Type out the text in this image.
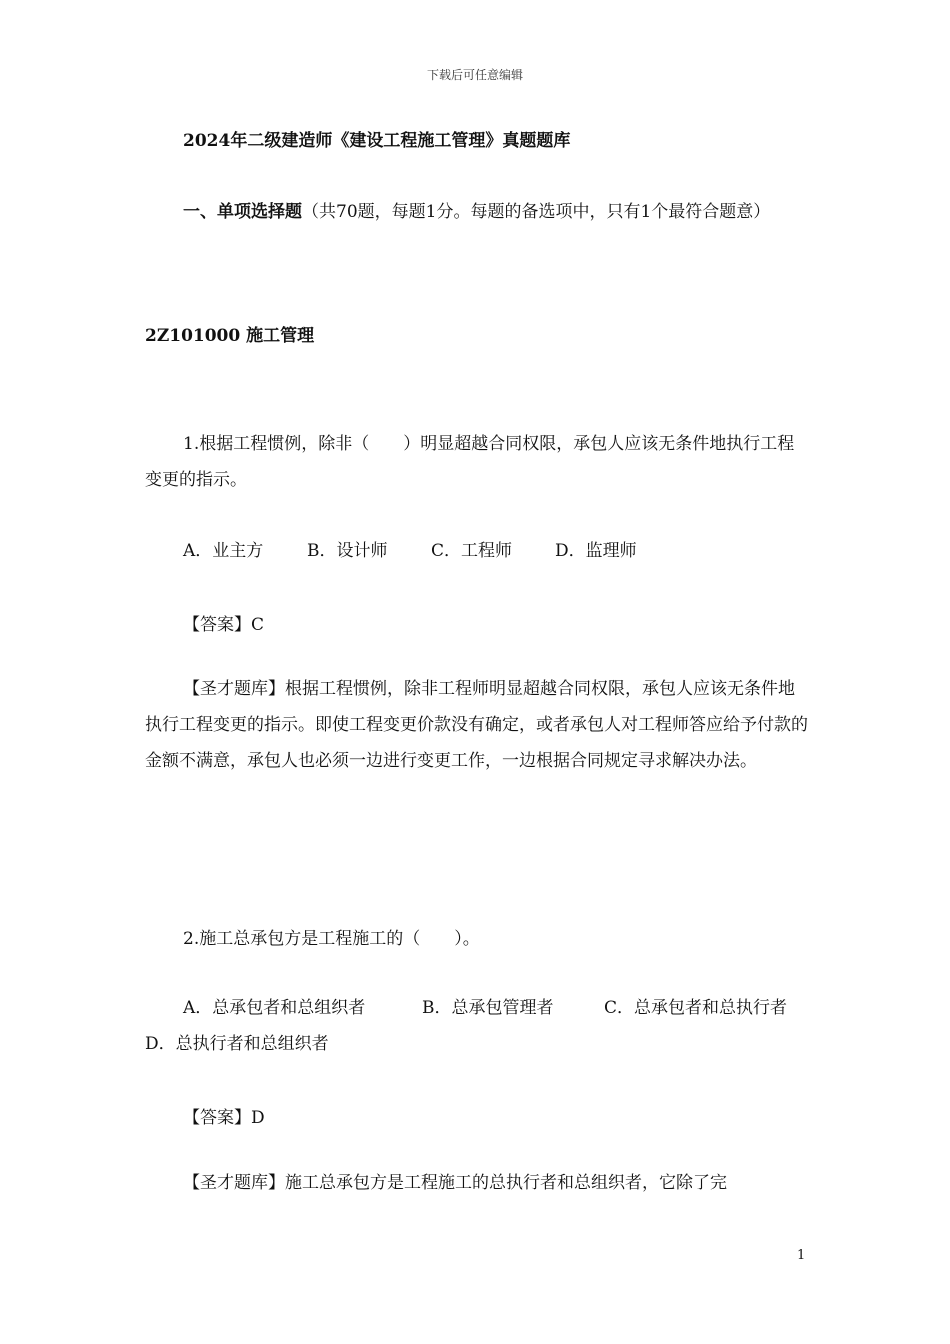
下载后可任意编辑
2024年二级建造师《建设工程施工管理》真题题库
一、单项选择题（共70题，每题1分。每题的备选项中，只有1个最符合题意）
2Z101000 施工管理
1.根据工程惯例，除非（　　）明显超越合同权限，承包人应该无条件地执行工程变更的指示。
A．业主方	B．设计师	C．工程师	D．监理师
【答案】C
【圣才题库】根据工程惯例，除非工程师明显超越合同权限，承包人应该无条件地执行工程变更的指示。即使工程变更价款没有确定，或者承包人对工程师答应给予付款的金额不满意，承包人也必须一边进行变更工作，一边根据合同规定寻求解决办法。
2.施工总承包方是工程施工的（　　）。
A．总承包者和总组织者	B．总承包管理者	C．总承包者和总执行者
D．总执行者和总组织者
【答案】D
【圣才题库】施工总承包方是工程施工的总执行者和总组织者，它除了完
1
